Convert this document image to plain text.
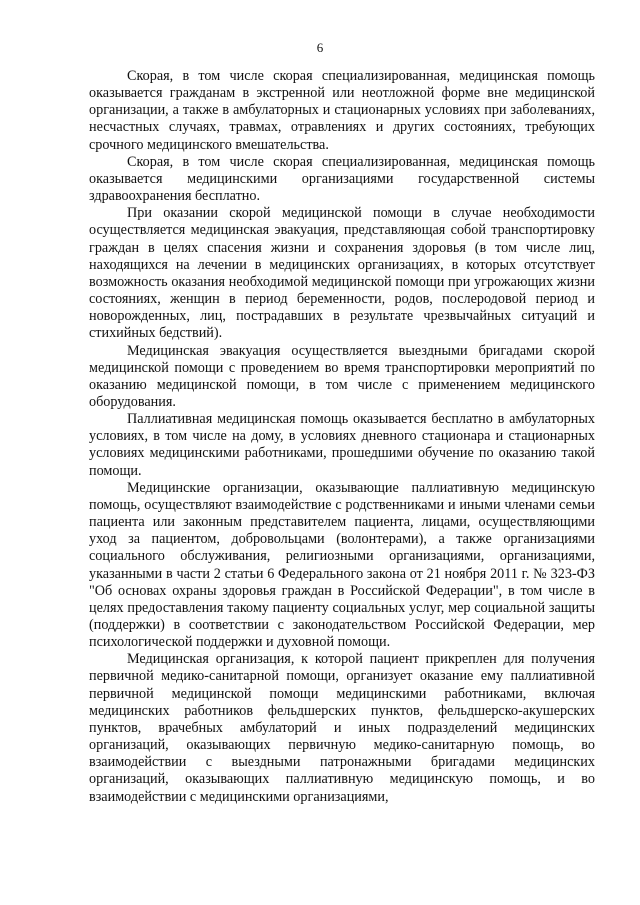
6

Скорая, в том числе скорая специализированная, медицинская помощь оказывается гражданам в экстренной или неотложной форме вне медицинской организации, а также в амбулаторных и стационарных условиях при заболеваниях, несчастных случаях, травмах, отравлениях и других состояниях, требующих срочного медицинского вмешательства.

Скорая, в том числе скорая специализированная, медицинская помощь оказывается медицинскими организациями государственной системы здравоохранения бесплатно.

При оказании скорой медицинской помощи в случае необходимости осуществляется медицинская эвакуация, представляющая собой транспортировку граждан в целях спасения жизни и сохранения здоровья (в том числе лиц, находящихся на лечении в медицинских организациях, в которых отсутствует возможность оказания необходимой медицинской помощи при угрожающих жизни состояниях, женщин в период беременности, родов, послеродовой период и новорожденных, лиц, пострадавших в результате чрезвычайных ситуаций и стихийных бедствий).

Медицинская эвакуация осуществляется выездными бригадами скорой медицинской помощи с проведением во время транспортировки мероприятий по оказанию медицинской помощи, в том числе с применением медицинского оборудования.

Паллиативная медицинская помощь оказывается бесплатно в амбулаторных условиях, в том числе на дому, в условиях дневного стационара и стационарных условиях медицинскими работниками, прошедшими обучение по оказанию такой помощи.

Медицинские организации, оказывающие паллиативную медицинскую помощь, осуществляют взаимодействие с родственниками и иными членами семьи пациента или законным представителем пациента, лицами, осуществляющими уход за пациентом, добровольцами (волонтерами), а также организациями социального обслуживания, религиозными организациями, организациями, указанными в части 2 статьи 6 Федерального закона от 21 ноября 2011 г. № 323-ФЗ "Об основах охраны здоровья граждан в Российской Федерации", в том числе в целях предоставления такому пациенту социальных услуг, мер социальной защиты (поддержки) в соответствии с законодательством Российской Федерации, мер психологической поддержки и духовной помощи.

Медицинская организация, к которой пациент прикреплен для получения первичной медико-санитарной помощи, организует оказание ему паллиативной первичной медицинской помощи медицинскими работниками, включая медицинских работников фельдшерских пунктов, фельдшерско-акушерских пунктов, врачебных амбулаторий и иных подразделений медицинских организаций, оказывающих первичную медико-санитарную помощь, во взаимодействии с выездными патронажными бригадами медицинских организаций, оказывающих паллиативную медицинскую помощь, и во взаимодействии с медицинскими организациями,
